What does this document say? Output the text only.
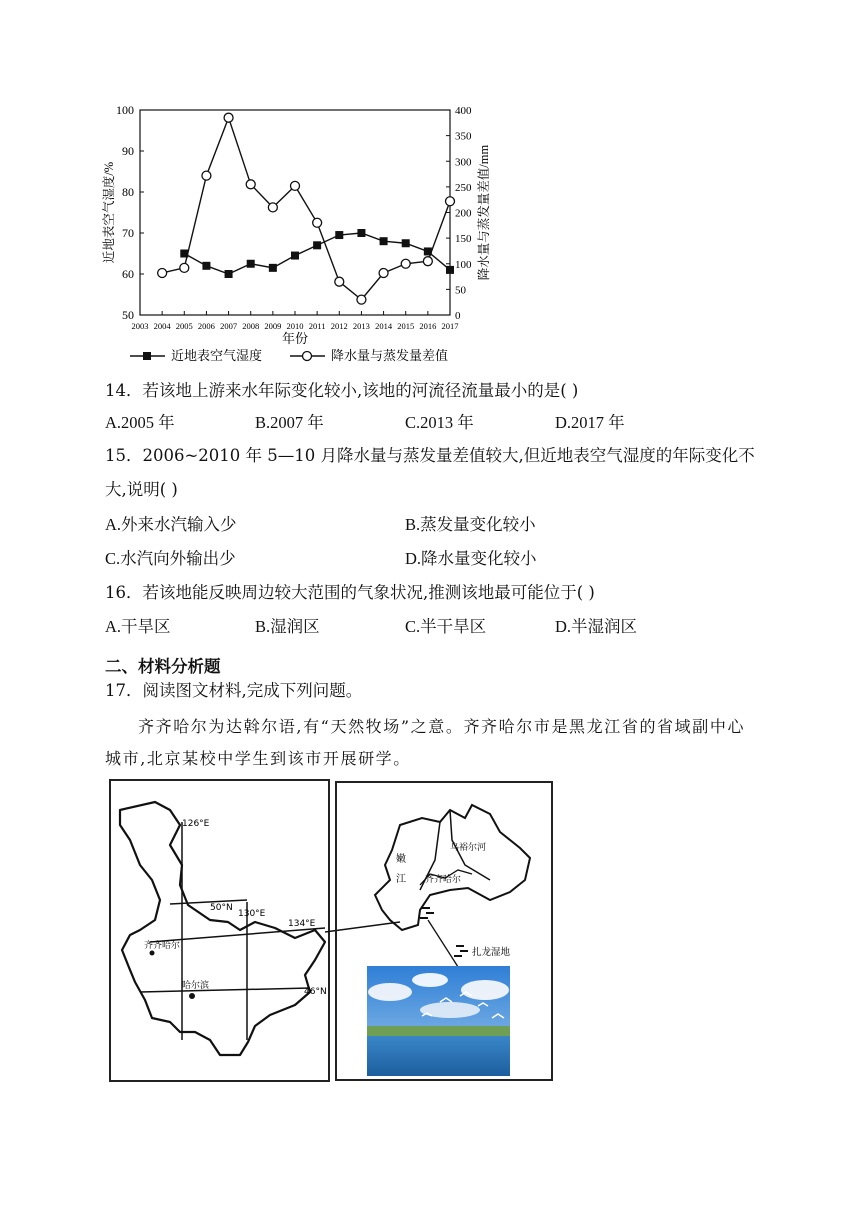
50
60
70
80
90
100
0
50
100
150
200
250
300
350
400
2003 2004 2005 2006 2007 2008 2009 2010 2011 2012 2013 2014 2015 2016 2017
年份
近地表空气湿度/%	降水量与蒸发量差值/mm
近地表空气湿度	降水量与蒸发量差值
14．若该地上游来水年际变化较小,该地的河流径流量最小的是( )
A.2005 年	B.2007 年	C.2013 年	D.2017 年
15．2006~2010 年 5—10 月降水量与蒸发量差值较大,但近地表空气湿度的年际变化不
大,说明( )
A.外来水汽输入少	B.蒸发量变化较小
C.水汽向外输出少	D.降水量变化较小
16．若该地能反映周边较大范围的气象状况,推测该地最可能位于( )
A.干旱区	B.湿润区	C.半干旱区	D.半湿润区
二、材料分析题
17．阅读图文材料,完成下列问题。
齐齐哈尔为达斡尔语,有“天然牧场”之意。齐齐哈尔市是黑龙江省的省域副中心
城市,北京某校中学生到该市开展研学。
126°E
50°N
130°E
134°E
齐齐哈尔
哈尔滨
46°N
嫩
江
乌裕尔河
齐齐哈尔
扎龙湿地
